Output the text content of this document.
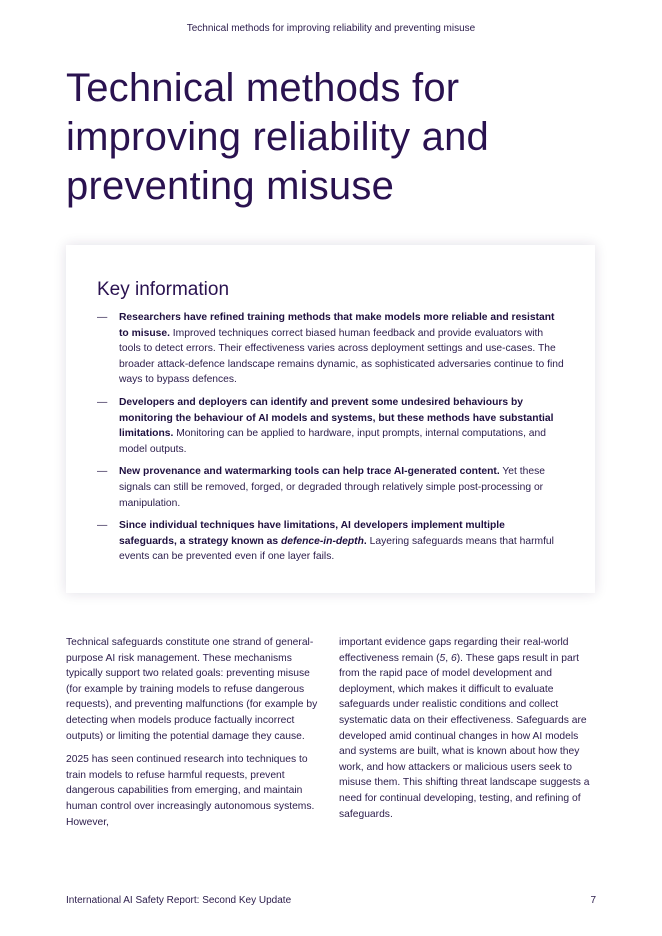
Technical methods for improving reliability and preventing misuse
Technical methods for improving reliability and preventing misuse
Key information
— Researchers have refined training methods that make models more reliable and resistant to misuse. Improved techniques correct biased human feedback and provide evaluators with tools to detect errors. Their effectiveness varies across deployment settings and use-cases. The broader attack-defence landscape remains dynamic, as sophisticated adversaries continue to find ways to bypass defences.
— Developers and deployers can identify and prevent some undesired behaviours by monitoring the behaviour of AI models and systems, but these methods have substantial limitations. Monitoring can be applied to hardware, input prompts, internal computations, and model outputs.
— New provenance and watermarking tools can help trace AI-generated content. Yet these signals can still be removed, forged, or degraded through relatively simple post-processing or manipulation.
— Since individual techniques have limitations, AI developers implement multiple safeguards, a strategy known as defence-in-depth. Layering safeguards means that harmful events can be prevented even if one layer fails.

Technical safeguards constitute one strand of general-purpose AI risk management. These mechanisms typically support two related goals: preventing misuse (for example by training models to refuse dangerous requests), and preventing malfunctions (for example by detecting when models produce factually incorrect outputs) or limiting the potential damage they cause.

2025 has seen continued research into techniques to train models to refuse harmful requests, prevent dangerous capabilities from emerging, and maintain human control over increasingly autonomous systems. However,

important evidence gaps regarding their real-world effectiveness remain (5, 6). These gaps result in part from the rapid pace of model development and deployment, which makes it difficult to evaluate safeguards under realistic conditions and collect systematic data on their effectiveness. Safeguards are developed amid continual changes in how AI models and systems are built, what is known about how they work, and how attackers or malicious users seek to misuse them. This shifting threat landscape suggests a need for continual developing, testing, and refining of safeguards.

International AI Safety Report: Second Key Update	7
